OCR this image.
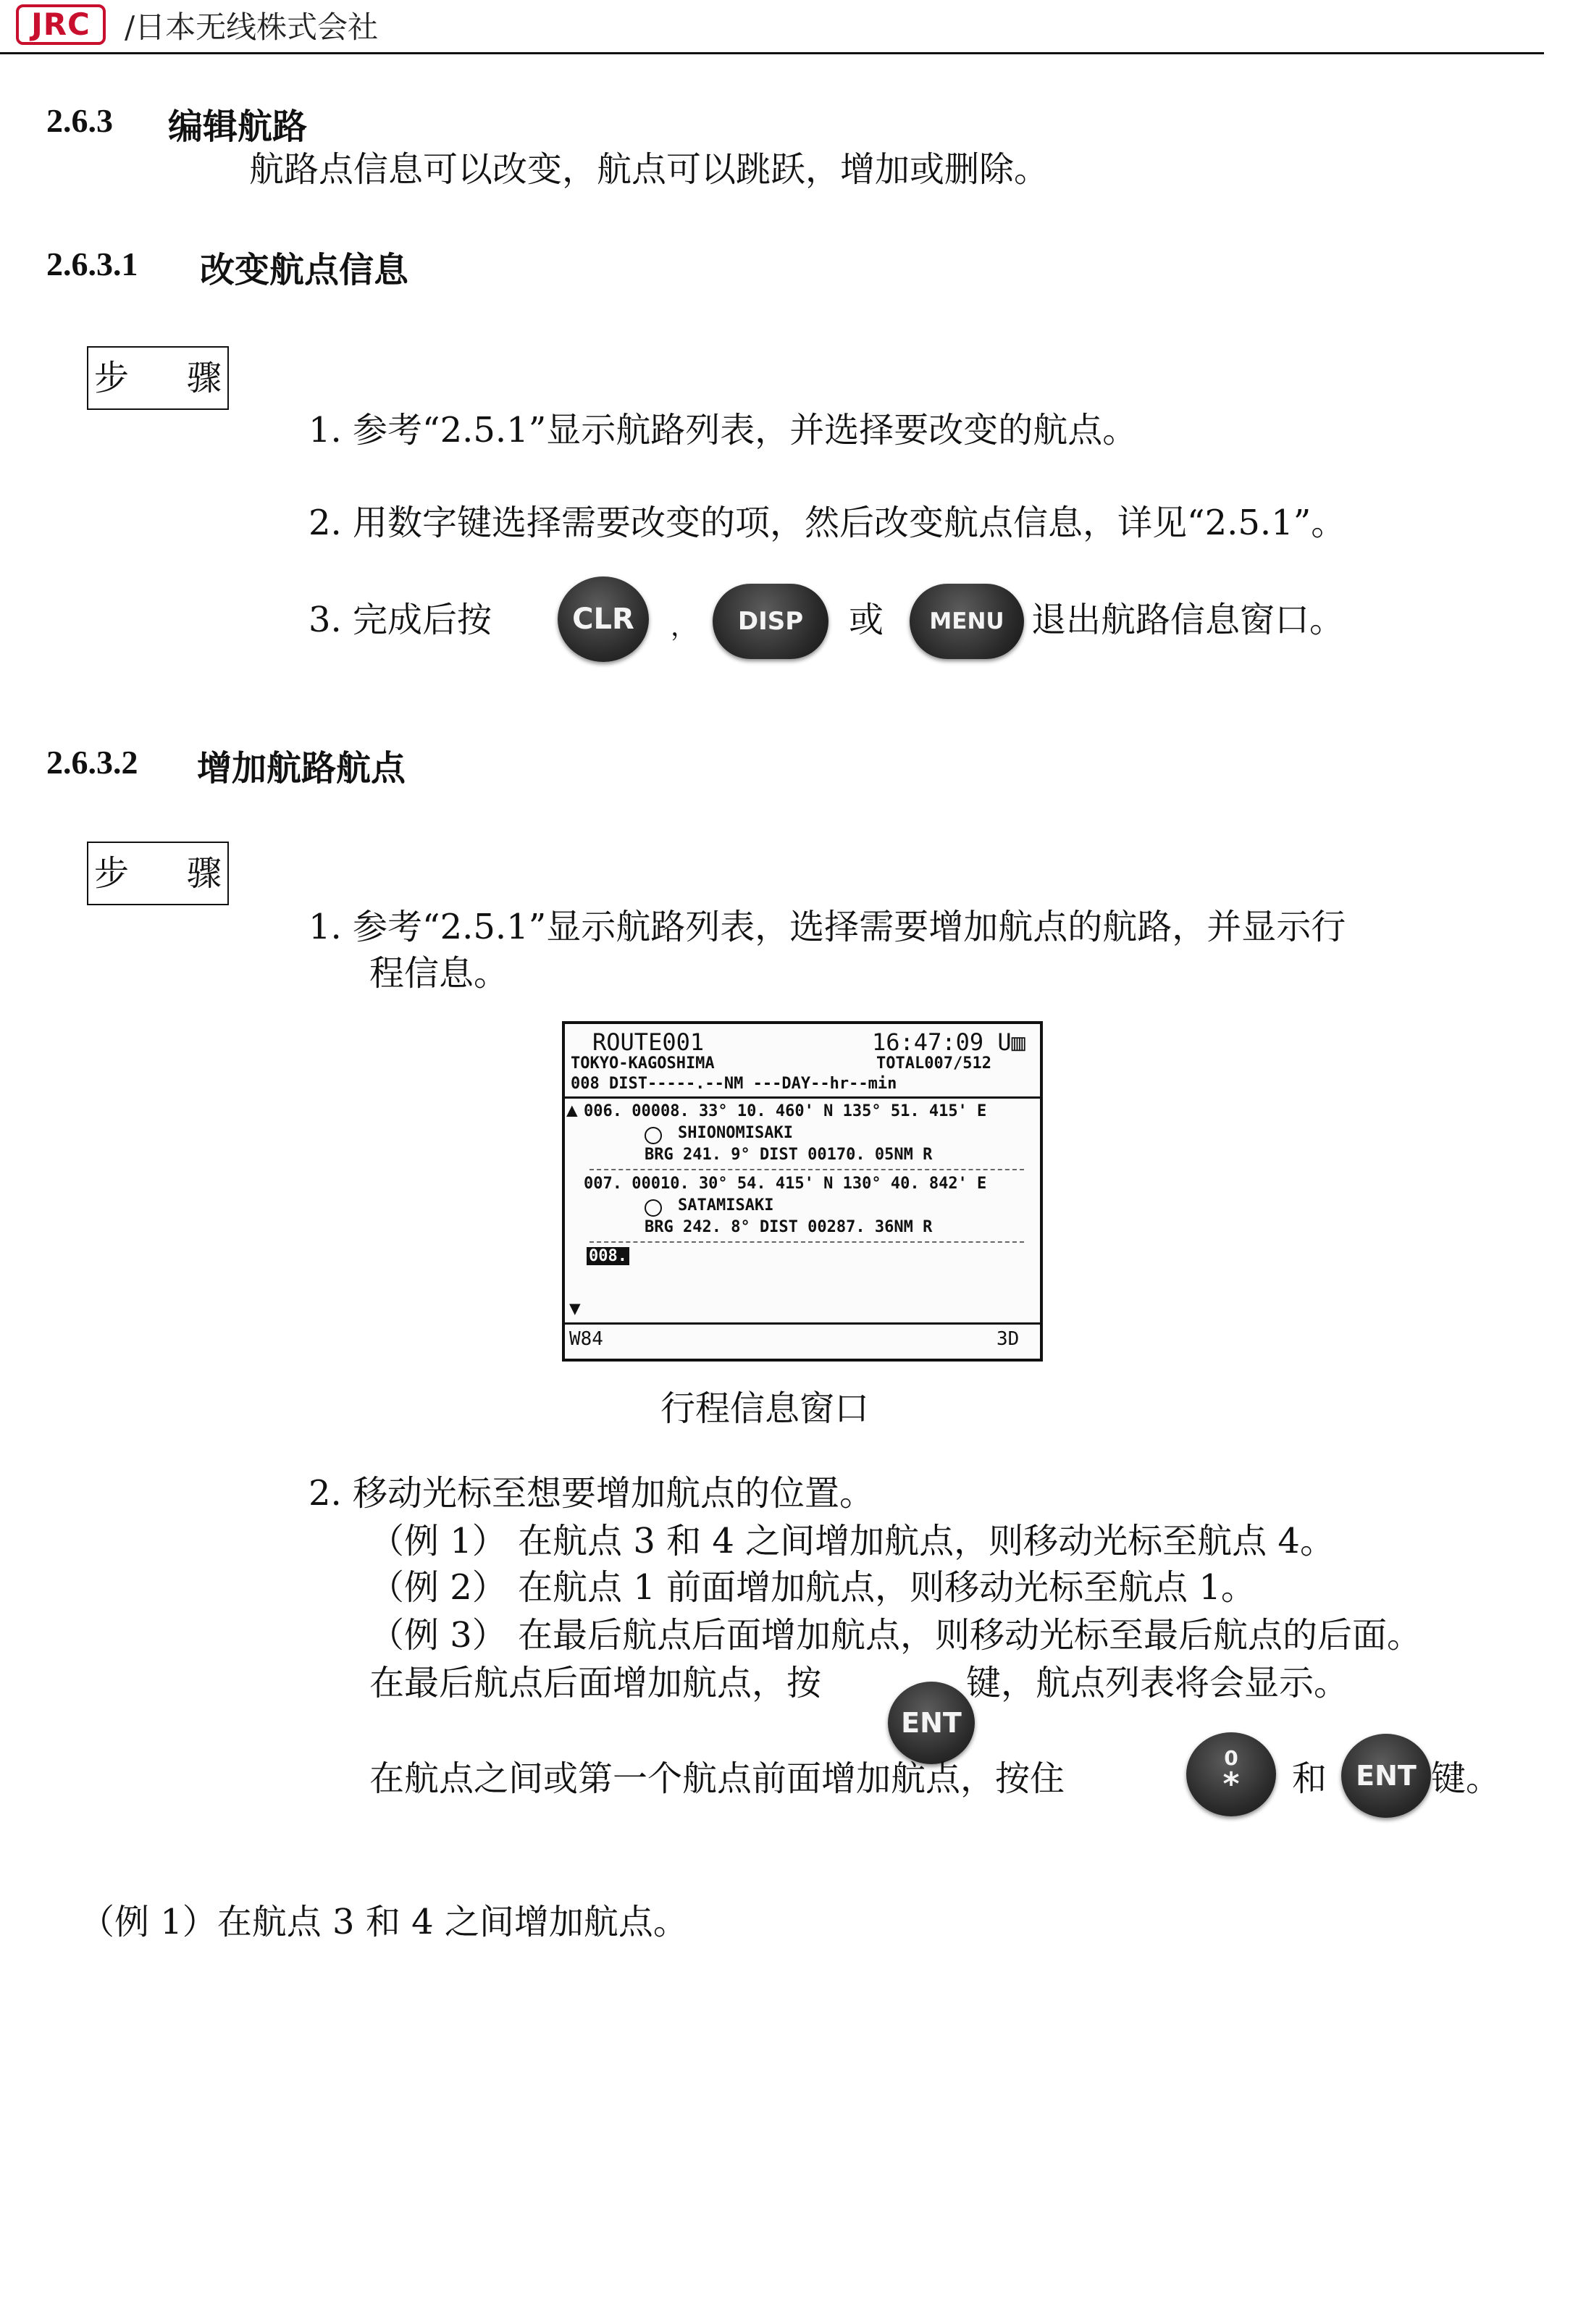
JRC	/日本无线株式会社
2.6.3 编辑航路
航路点信息可以改变，航点可以跳跃，增加或删除。
2.6.3.1 改变航点信息
步 骤
1. 参考“2.5.1”显示航路列表，并选择要改变的航点。
2. 用数字键选择需要改变的项，然后改变航点信息，详见“2.5.1”。
3. 完成后按	CLR	，	DISP	或	MENU 退出航路信息窗口。
2.6.3.2 增加航路航点
步 骤
1. 参考“2.5.1”显示航路列表，选择需要增加航点的航路，并显示行
程信息。
ROUTE001	16:47:09 U▥
TOKYO-KAGOSHIMA	TOTAL007/512
008 DIST-----.--NM ---DAY--hr--min
▲ 006. 00008. 33° 10. 460' N 135° 51. 415' E
SHIONOMISAKI
BRG 241. 9° DIST 00170. 05NM R
007. 00010. 30° 54. 415' N 130° 40. 842' E
SATAMISAKI
BRG 242. 8° DIST 00287. 36NM R
008.
▼
W84	3D
行程信息窗口
2. 移动光标至想要增加航点的位置。
（例 1） 在航点 3 和 4 之间增加航点，则移动光标至航点 4。
（例 2） 在航点 1 前面增加航点，则移动光标至航点 1。
（例 3） 在最后航点后面增加航点，则移动光标至最后航点的后面。
在最后航点后面增加航点，按
ENT
键，航点列表将会显示。
在航点之间或第一个航点前面增加航点，按住
0
* 和	ENT 键。
（例 1）在航点 3 和 4 之间增加航点。
